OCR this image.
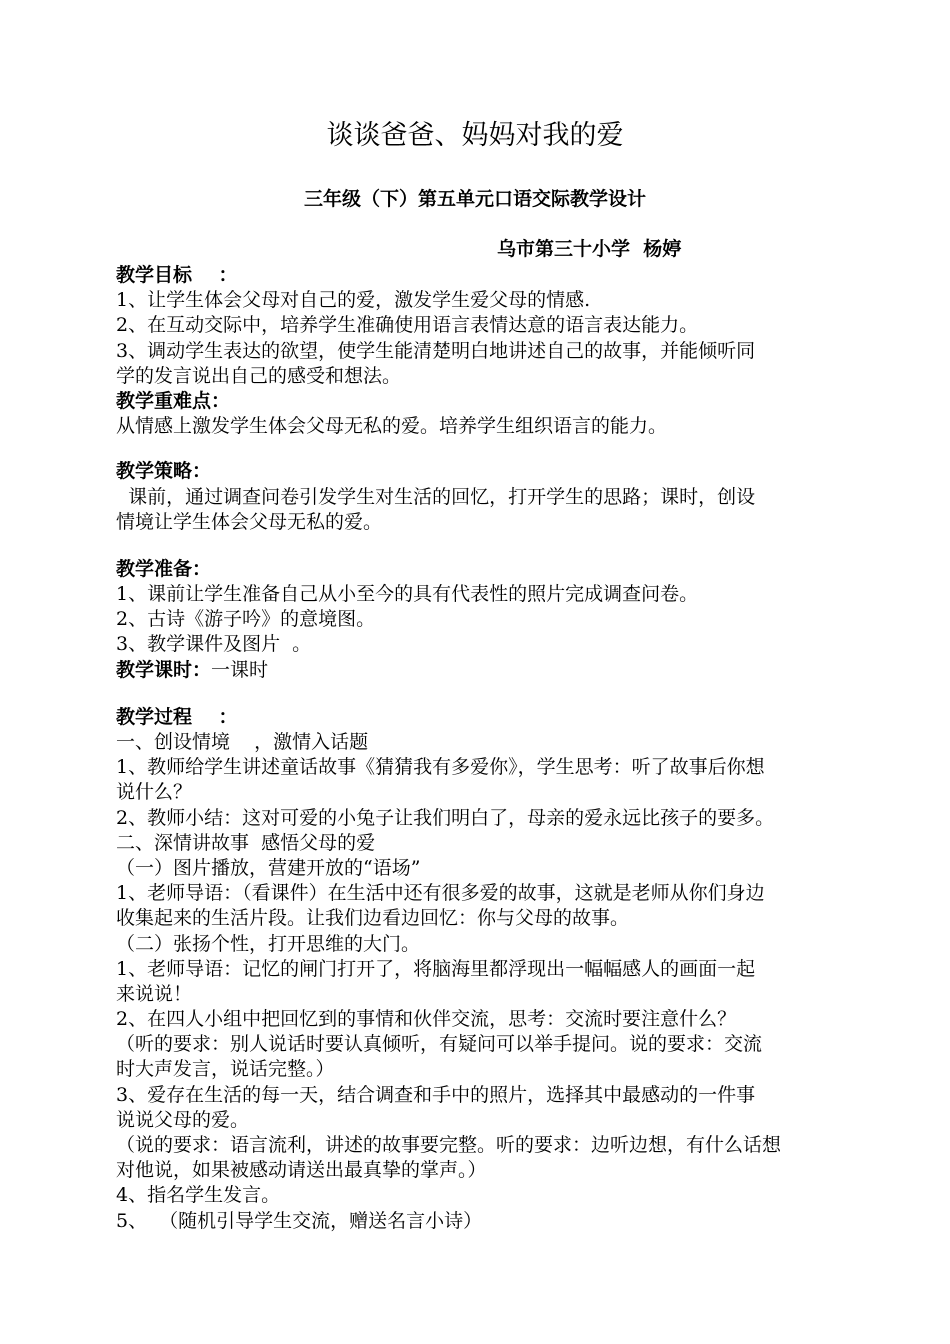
谈谈爸爸、妈妈对我的爱
三年级（下）第五单元口语交际教学设计
乌市第三十小学  杨婷
教学目标    ：
1、让学生体会父母对自己的爱，激发学生爱父母的情感.
2、在互动交际中，培养学生准确使用语言表情达意的语言表达能力。
3、调动学生表达的欲望，使学生能清楚明白地讲述自己的故事，并能倾听同
学的发言说出自己的感受和想法。
教学重难点：
从情感上激发学生体会父母无私的爱。培养学生组织语言的能力。
教学策略：
课前，通过调查问卷引发学生对生活的回忆，打开学生的思路；课时，创设
情境让学生体会父母无私的爱。
教学准备：
1、课前让学生准备自己从小至今的具有代表性的照片完成调查问卷。
2、古诗《游子吟》的意境图。
3、教学课件及图片  。
教学课时：一课时
教学过程    ：
一、创设情境    ，激情入话题
1、教师给学生讲述童话故事《猜猜我有多爱你》，学生思考：听了故事后你想
说什么？
2、教师小结：这对可爱的小兔子让我们明白了，母亲的爱永远比孩子的要多。
二、深情讲故事  感悟父母的爱
（一）图片播放，营建开放的“语场”
1、老师导语：（看课件）在生活中还有很多爱的故事，这就是老师从你们身边
收集起来的生活片段。让我们边看边回忆：你与父母的故事。
（二）张扬个性，打开思维的大门。
1、老师导语：记忆的闸门打开了，将脑海里都浮现出一幅幅感人的画面一起
来说说！
2、在四人小组中把回忆到的事情和伙伴交流，思考：交流时要注意什么？
（听的要求：别人说话时要认真倾听，有疑问可以举手提问。说的要求：交流
时大声发言，说话完整。）
3、爱存在生活的每一天，结合调查和手中的照片，选择其中最感动的一件事
说说父母的爱。
（说的要求：语言流利，讲述的故事要完整。听的要求：边听边想，有什么话想
对他说，如果被感动请送出最真挚的掌声。）
4、指名学生发言。
5、  （随机引导学生交流，赠送名言小诗）
